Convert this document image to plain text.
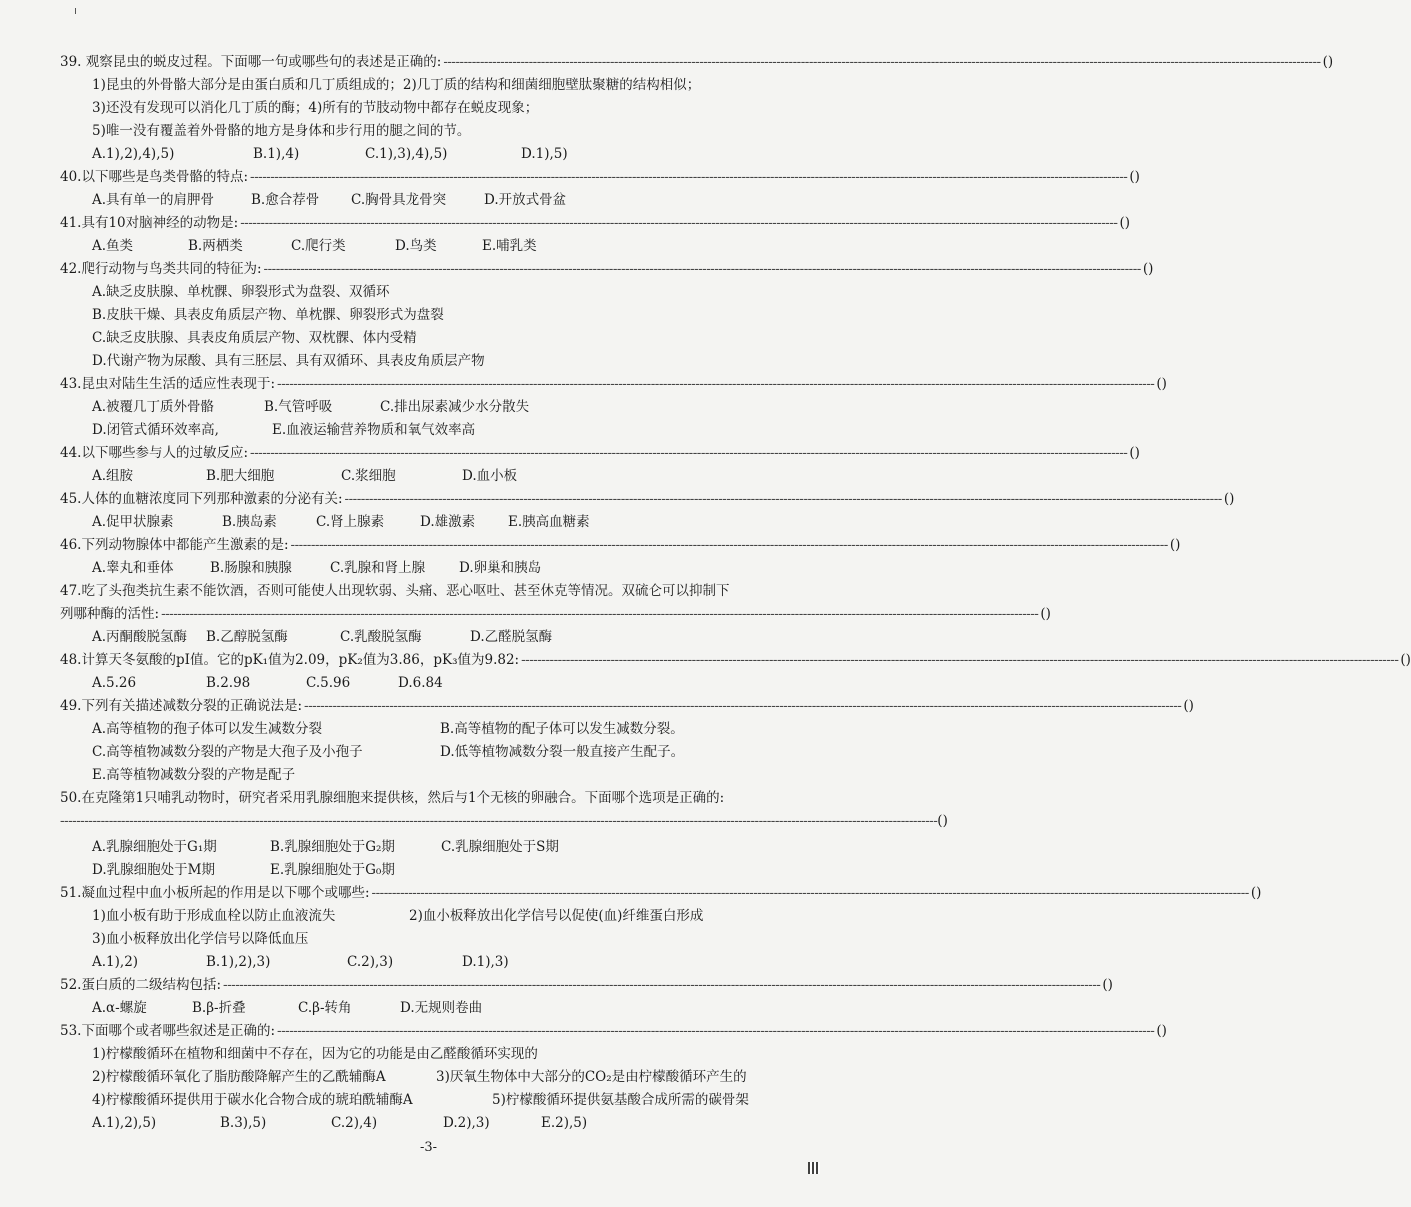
39. 观察昆虫的蜕皮过程。下面哪一句或哪些句的表述是正确的: ------------------------------------------------------------------------------------------------------------------------------------------------------------------------------------------------------------------------ ()
1)昆虫的外骨骼大部分是由蛋白质和几丁质组成的；2)几丁质的结构和细菌细胞壁肽聚糖的结构相似；
3)还没有发现可以消化几丁质的酶；4)所有的节肢动物中都存在蜕皮现象；
5)唯一没有覆盖着外骨骼的地方是身体和步行用的腿之间的节。
A.1),2),4),5)	B.1),4)	C.1),3),4),5)	D.1),5)
40.以下哪些是鸟类骨骼的特点: ------------------------------------------------------------------------------------------------------------------------------------------------------------------------------------------------------------------------ ()
A.具有单一的肩胛骨	B.愈合荐骨 C.胸骨具龙骨突	D.开放式骨盆
41.具有10对脑神经的动物是: ------------------------------------------------------------------------------------------------------------------------------------------------------------------------------------------------------------------------ ()
A.鱼类	B.两栖类	C.爬行类	D.鸟类	E.哺乳类
42.爬行动物与鸟类共同的特征为: ------------------------------------------------------------------------------------------------------------------------------------------------------------------------------------------------------------------------ ()
A.缺乏皮肤腺、单枕髁、卵裂形式为盘裂、双循环
B.皮肤干燥、具表皮角质层产物、单枕髁、卵裂形式为盘裂
C.缺乏皮肤腺、具表皮角质层产物、双枕髁、体内受精
D.代谢产物为尿酸、具有三胚层、具有双循环、具表皮角质层产物
43.昆虫对陆生生活的适应性表现于: ------------------------------------------------------------------------------------------------------------------------------------------------------------------------------------------------------------------------ ()
A.被覆几丁质外骨骼	B.气管呼吸	C.排出尿素减少水分散失
D.闭管式循环效率高,	E.血液运输营养物质和氧气效率高
44.以下哪些参与人的过敏反应: ------------------------------------------------------------------------------------------------------------------------------------------------------------------------------------------------------------------------ ()
A.组胺	B.肥大细胞	C.浆细胞	D.血小板
45.人体的血糖浓度同下列那种激素的分泌有关: ------------------------------------------------------------------------------------------------------------------------------------------------------------------------------------------------------------------------ ()
A.促甲状腺素	B.胰岛素	C.肾上腺素	D.雄激素 E.胰高血糖素
46.下列动物腺体中都能产生激素的是: ------------------------------------------------------------------------------------------------------------------------------------------------------------------------------------------------------------------------ ()
A.睾丸和垂体	B.肠腺和胰腺	C.乳腺和肾上腺	D.卵巢和胰岛
47.吃了头孢类抗生素不能饮酒，否则可能使人出现软弱、头痛、恶心呕吐、甚至休克等情况。双硫仑可以抑制下
列哪种酶的活性: ------------------------------------------------------------------------------------------------------------------------------------------------------------------------------------------------------------------------ ()
A.丙酮酸脱氢酶 B.乙醇脱氢酶	C.乳酸脱氢酶	D.乙醛脱氢酶
48.计算天冬氨酸的pI值。它的pK₁值为2.09，pK₂值为3.86，pK₃值为9.82: ------------------------------------------------------------------------------------------------------------------------------------------------------------------------------------------------------------------------ ()
A.5.26	B.2.98	C.5.96	D.6.84
49.下列有关描述减数分裂的正确说法是: ------------------------------------------------------------------------------------------------------------------------------------------------------------------------------------------------------------------------ ()
A.高等植物的孢子体可以发生减数分裂	B.高等植物的配子体可以发生减数分裂。
C.高等植物减数分裂的产物是大孢子及小孢子	D.低等植物减数分裂一般直接产生配子。
E.高等植物减数分裂的产物是配子
50.在克隆第1只哺乳动物时，研究者采用乳腺细胞来提供核，然后与1个无核的卵融合。下面哪个选项是正确的:
------------------------------------------------------------------------------------------------------------------------------------------------------------------------------------------------------------------------ ()
A.乳腺细胞处于G₁期	B.乳腺细胞处于G₂期	C.乳腺细胞处于S期
D.乳腺细胞处于M期	E.乳腺细胞处于G₀期
51.凝血过程中血小板所起的作用是以下哪个或哪些: ------------------------------------------------------------------------------------------------------------------------------------------------------------------------------------------------------------------------ ()
1)血小板有助于形成血栓以防止血液流失	2)血小板释放出化学信号以促使(血)纤维蛋白形成
3)血小板释放出化学信号以降低血压
A.1),2)	B.1),2),3)	C.2),3)	D.1),3)
52.蛋白质的二级结构包括: ------------------------------------------------------------------------------------------------------------------------------------------------------------------------------------------------------------------------ ()
A.α-螺旋	B.β-折叠	C.β-转角	D.无规则卷曲
53.下面哪个或者哪些叙述是正确的: ------------------------------------------------------------------------------------------------------------------------------------------------------------------------------------------------------------------------ ()
1)柠檬酸循环在植物和细菌中不存在，因为它的功能是由乙醛酸循环实现的
2)柠檬酸循环氧化了脂肪酸降解产生的乙酰辅酶A	3)厌氧生物体中大部分的CO₂是由柠檬酸循环产生的
4)柠檬酸循环提供用于碳水化合物合成的琥珀酰辅酶A	5)柠檬酸循环提供氨基酸合成所需的碳骨架
A.1),2),5)	B.3),5)	C.2),4)	D.2),3)	E.2),5)
-3-
